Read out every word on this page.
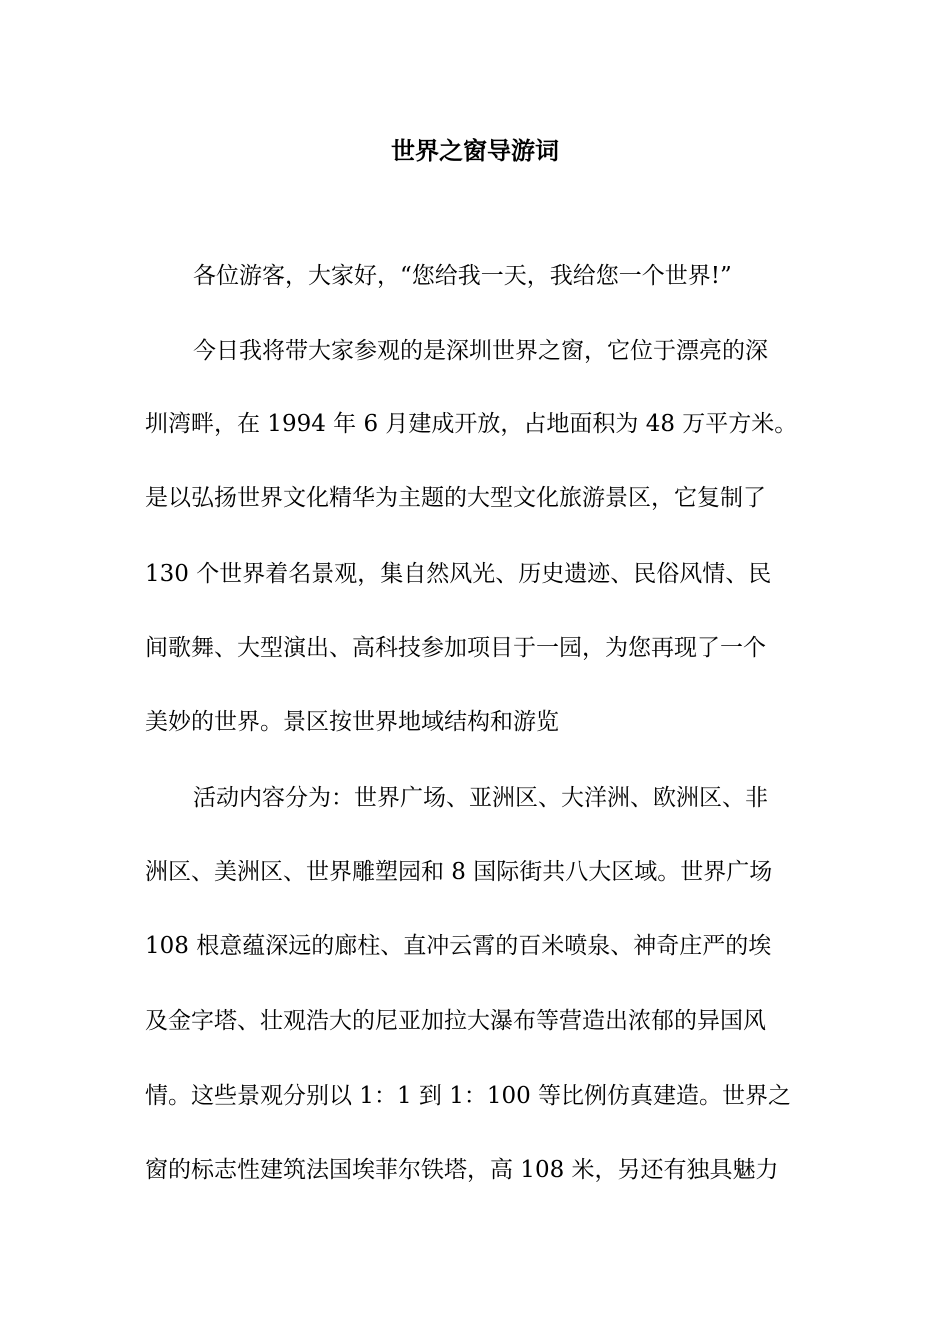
世界之窗导游词
各位游客，大家好，“您给我一天，我给您一个世界!”
今日我将带大家参观的是深圳世界之窗，它位于漂亮的深
圳湾畔，在 1994 年 6 月建成开放，占地面积为 48 万平方米。
是以弘扬世界文化精华为主题的大型文化旅游景区，它复制了
130 个世界着名景观，集自然风光、历史遗迹、民俗风情、民
间歌舞、大型演出、高科技参加项目于一园，为您再现了一个
美妙的世界。景区按世界地域结构和游览
活动内容分为：世界广场、亚洲区、大洋洲、欧洲区、非
洲区、美洲区、世界雕塑园和 8 国际街共八大区域。世界广场
108 根意蕴深远的廊柱、直冲云霄的百米喷泉、神奇庄严的埃
及金字塔、壮观浩大的尼亚加拉大瀑布等营造出浓郁的异国风
情。这些景观分别以 1：1 到 1：100 等比例仿真建造。世界之
窗的标志性建筑法国埃菲尔铁塔，高 108 米，另还有独具魅力
